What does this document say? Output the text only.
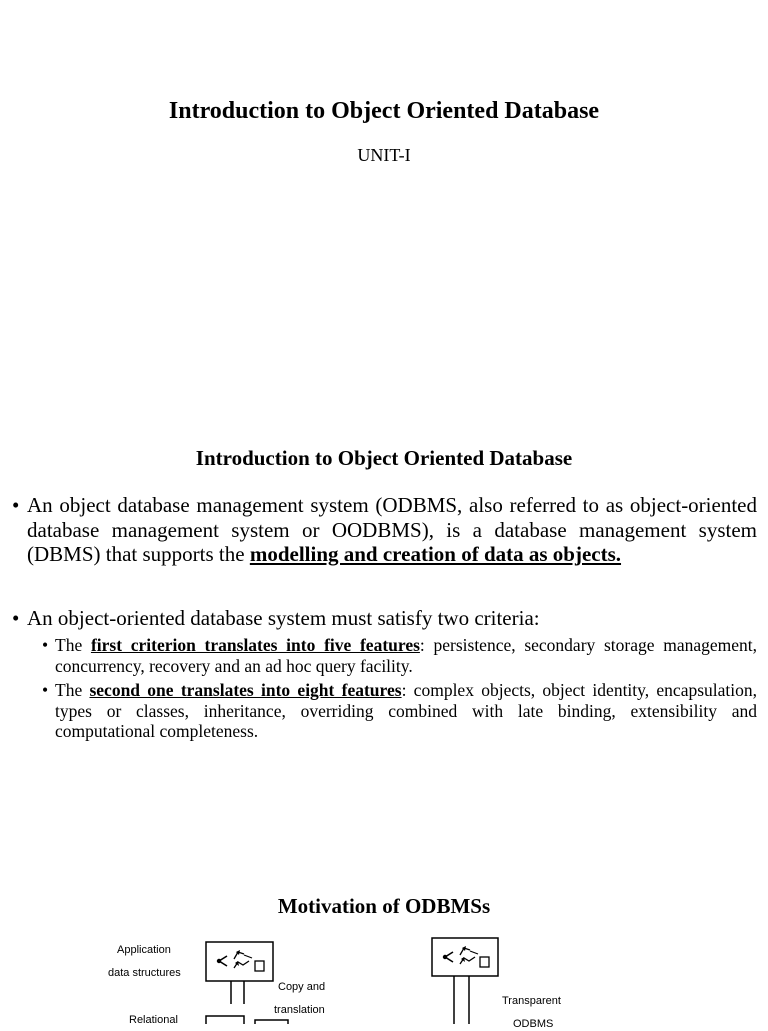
Introduction to Object Oriented Database
UNIT-I
Introduction to Object Oriented Database
• An object database management system (ODBMS, also referred to as object-oriented database management system or OODBMS), is a database management system (DBMS) that supports the modelling and creation of data as objects.
• An object-oriented database system must satisfy two criteria:
• The first criterion translates into five features: persistence, secondary storage management, concurrency, recovery and an ad hoc query facility.
• The second one translates into eight features: complex objects, object identity, encapsulation, types or classes, inheritance, overriding combined with late binding, extensibility and computational completeness.
Motivation of ODBMSs
Application
data structures
Copy and
translation
Relational
Transparent
ODBMS
